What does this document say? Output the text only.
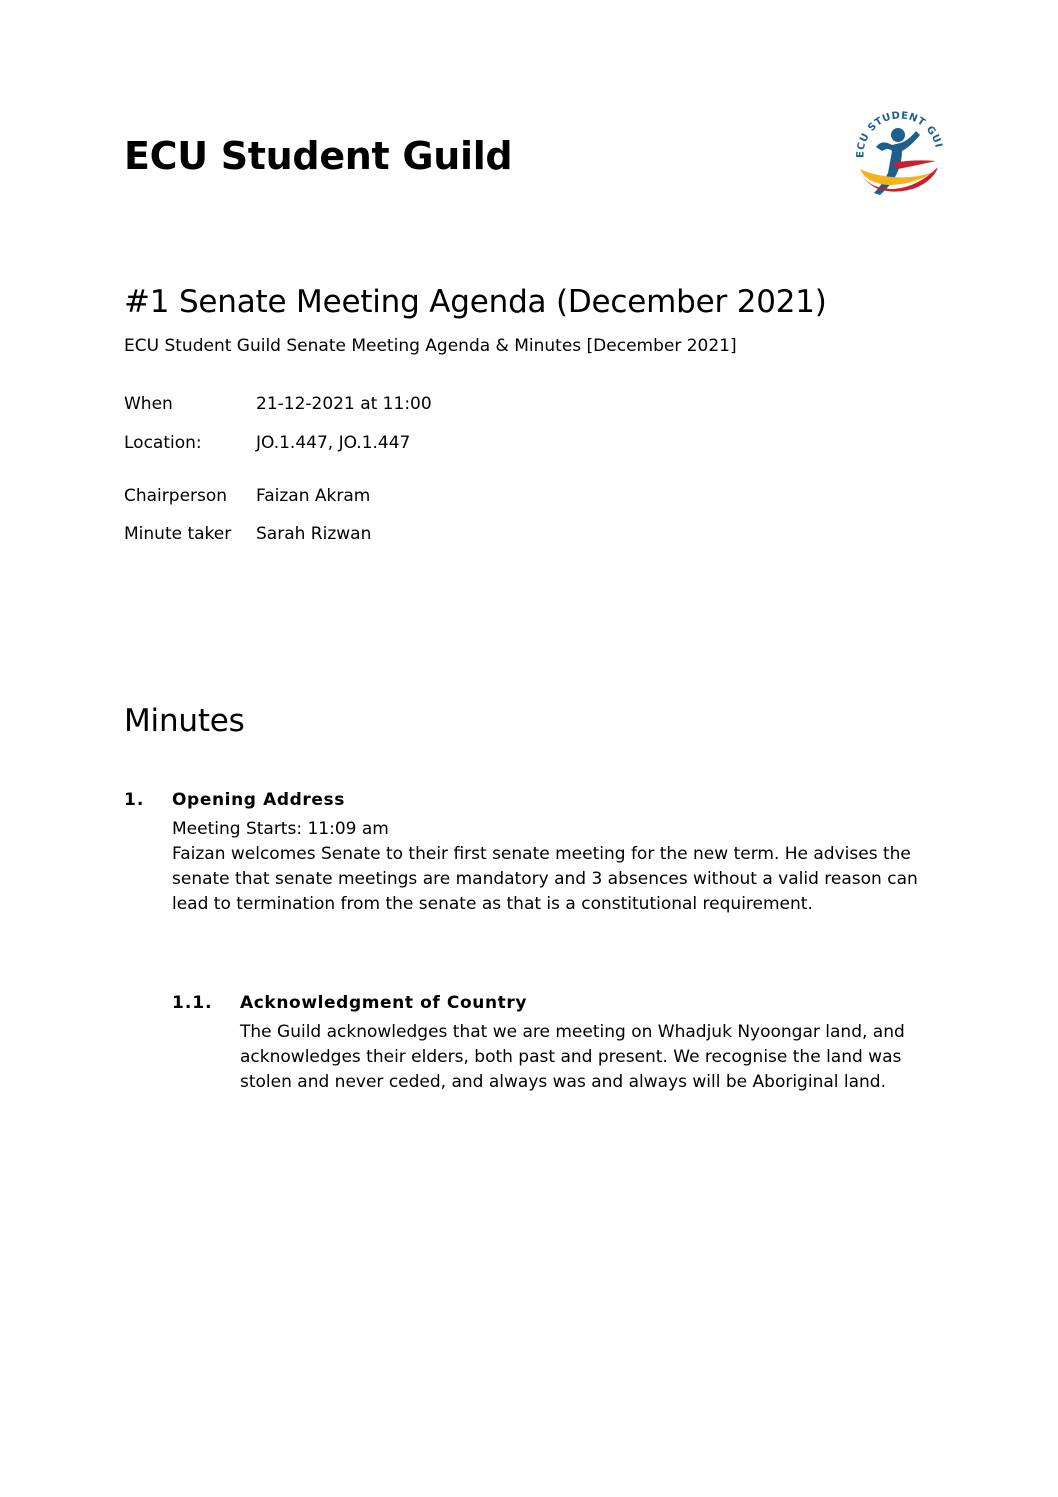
ECU Student Guild	ECU STUDENT GUI
#1 Senate Meeting Agenda (December 2021)
ECU Student Guild Senate Meeting Agenda & Minutes [December 2021]
When	21-12-2021 at 11:00
Location:	JO.1.447, JO.1.447
Chairperson	Faizan Akram
Minute taker Sarah Rizwan
Minutes
1. Opening Address

Meeting Starts: 11:09 am

Faizan welcomes Senate to their first senate meeting for the new term. He advises the senate that senate meetings are mandatory and 3 absences without a valid reason can lead to termination from the senate as that is a constitutional requirement.

1.1. Acknowledgment of Country

The Guild acknowledges that we are meeting on Whadjuk Nyoongar land, and acknowledges their elders, both past and present. We recognise the land was stolen and never ceded, and always was and always will be Aboriginal land.
